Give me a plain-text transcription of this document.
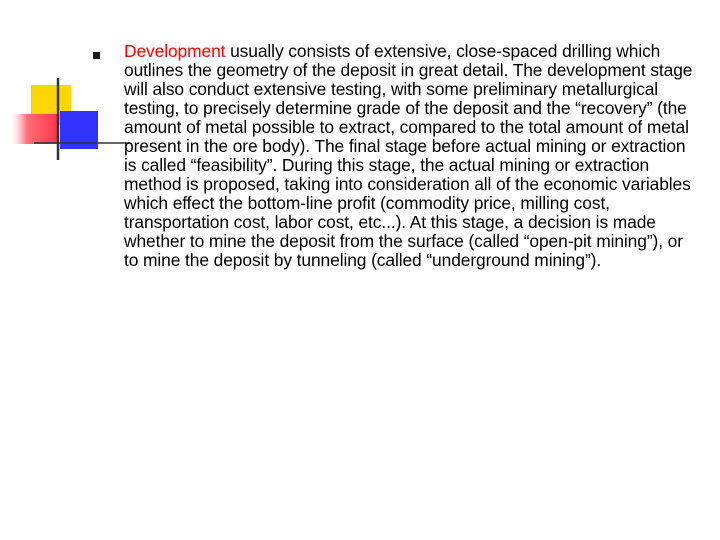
Development usually consists of extensive, close-spaced drilling which outlines the geometry of the deposit in great detail. The development stage will also conduct extensive testing, with some preliminary metallurgical testing, to precisely determine grade of the deposit and the “recovery” (the amount of metal possible to extract, compared to the total amount of metal present in the ore body). The final stage before actual mining or extraction is called “feasibility”. During this stage, the actual mining or extraction method is proposed, taking into consideration all of the economic variables which effect the bottom-line profit (commodity price, milling cost, transportation cost, labor cost, etc...). At this stage, a decision is made whether to mine the deposit from the surface (called “open-pit mining”), or to mine the deposit by tunneling (called “underground mining”).
